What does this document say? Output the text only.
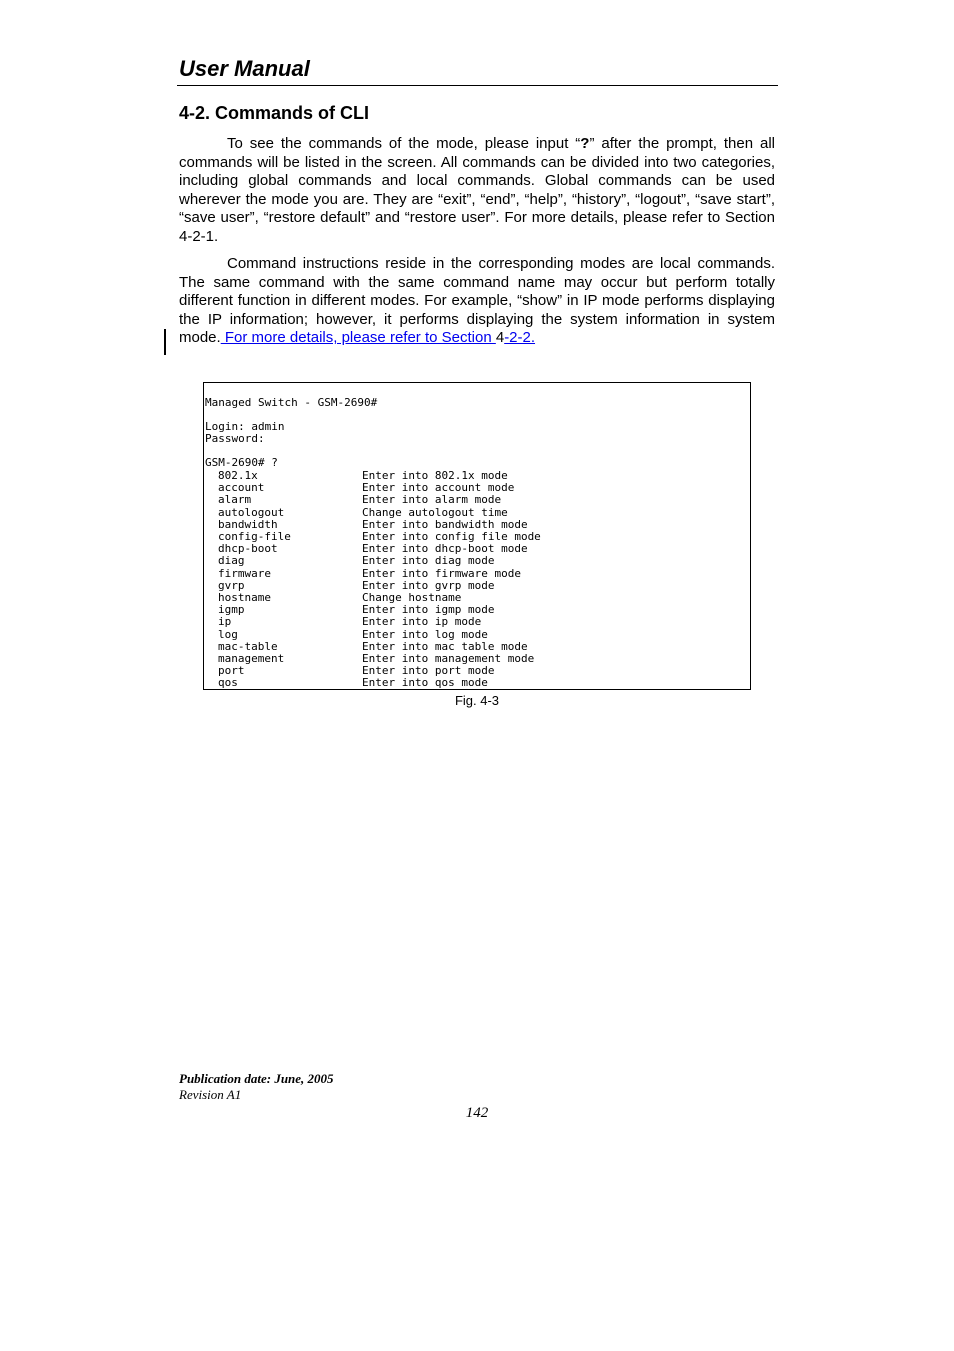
User Manual
4-2. Commands of CLI
To see the commands of the mode, please input “?” after the prompt, then all commands will be listed in the screen. All commands can be divided into two categories, including global commands and local commands. Global commands can be used wherever the mode you are. They are “exit”, “end”, “help”, “history”, “logout”, “save start”, “save user”, “restore default” and “restore user”. For more details, please refer to Section 4-2-1.
Command instructions reside in the corresponding modes are local commands. The same command with the same command name may occur but perform totally different function in different modes. For example, “show” in IP mode performs displaying the IP information; however, it performs displaying the system information in system mode. For more details, please refer to Section 4-2-2.
Managed Switch - GSM-2690#
Login: admin
Password:
GSM-2690# ?
802.1x	Enter into 802.1x mode
account	Enter into account mode
alarm	Enter into alarm mode
autologout	Change autologout time
bandwidth	Enter into bandwidth mode
config-file	Enter into config file mode
dhcp-boot	Enter into dhcp-boot mode
diag	Enter into diag mode
firmware	Enter into firmware mode
gvrp	Enter into gvrp mode
hostname	Change hostname
igmp	Enter into igmp mode
ip	Enter into ip mode
log	Enter into log mode
mac-table	Enter into mac table mode
management	Enter into management mode
port	Enter into port mode
qos	Enter into qos mode
Fig. 4-3
Publication date: June, 2005
Revision A1
142
